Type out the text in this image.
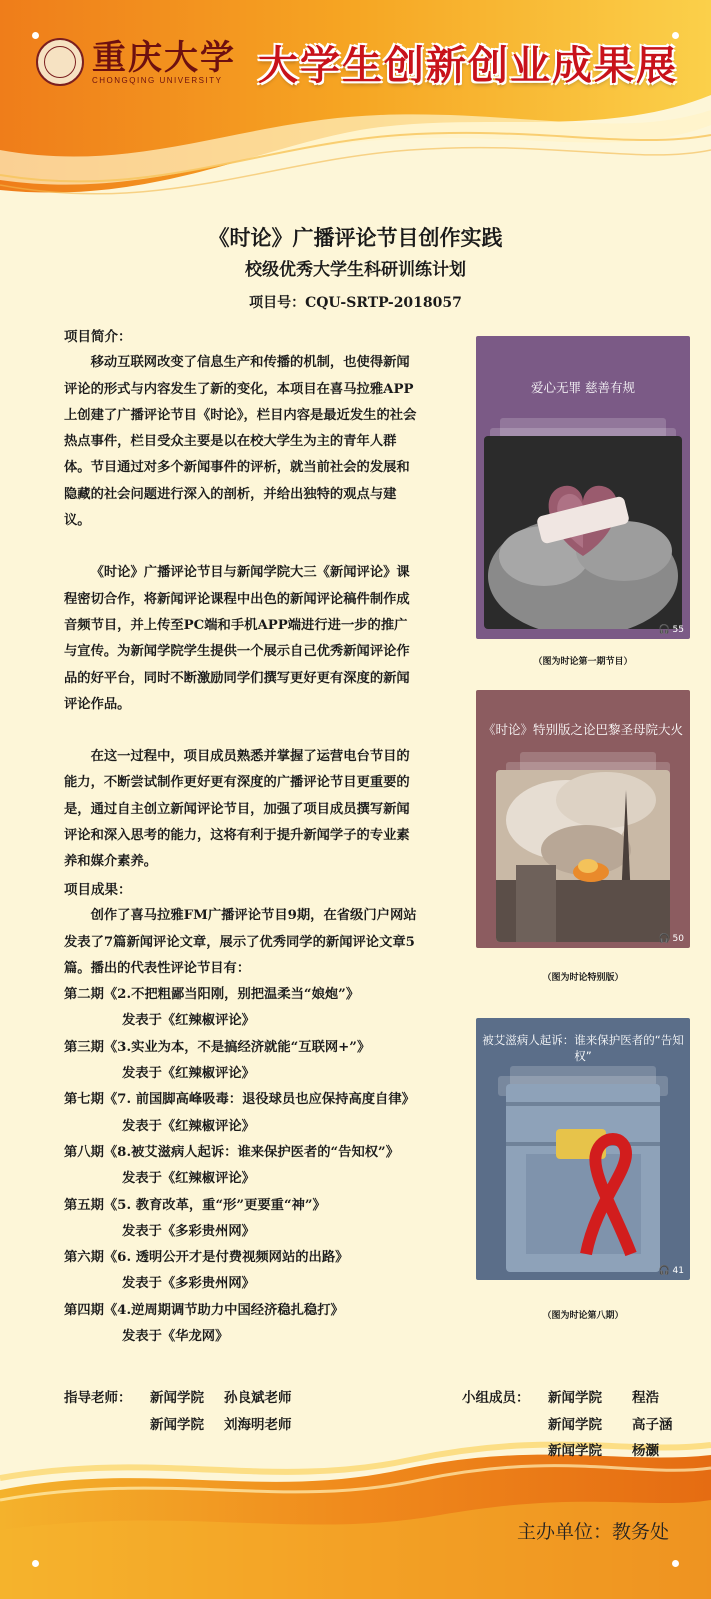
重庆大学
CHONGQING UNIVERSITY 大学生创新创业成果展
《时论》广播评论节目创作实践
校级优秀大学生科研训练计划
项目号：CQU-SRTP-2018057
项目简介：

移动互联网改变了信息生产和传播的机制，也使得新闻评论的形式与内容发生了新的变化，本项目在喜马拉雅APP上创建了广播评论节目《时论》，栏目内容是最近发生的社会热点事件，栏目受众主要是以在校大学生为主的青年人群体。节目通过对多个新闻事件的评析，就当前社会的发展和隐藏的社会问题进行深入的剖析，并给出独特的观点与建议。

《时论》广播评论节目与新闻学院大三《新闻评论》课程密切合作，将新闻评论课程中出色的新闻评论稿件制作成音频节目，并上传至PC端和手机APP端进行进一步的推广与宣传。为新闻学院学生提供一个展示自己优秀新闻评论作品的好平台，同时不断激励同学们撰写更好更有深度的新闻评论作品。

在这一过程中，项目成员熟悉并掌握了运营电台节目的能力，不断尝试制作更好更有深度的广播评论节目更重要的是，通过自主创立新闻评论节目，加强了项目成员撰写新闻评论和深入思考的能力，这将有利于提升新闻学子的专业素养和媒介素养。

项目成果：

创作了喜马拉雅FM广播评论节目9期，在省级门户网站发表了7篇新闻评论文章，展示了优秀同学的新闻评论文章5篇。播出的代表性评论节目有：

第二期《2.不把粗鄙当阳刚，别把温柔当“娘炮”》
发表于《红辣椒评论》
第三期《3.实业为本，不是搞经济就能“互联网+”》
发表于《红辣椒评论》
第七期《7. 前国脚高峰吸毒：退役球员也应保持高度自律》
发表于《红辣椒评论》
第八期《8.被艾滋病人起诉：谁来保护医者的“告知权”》
发表于《红辣椒评论》
第五期《5. 教育改革，重“形”更要重“神”》
发表于《多彩贵州网》
第六期《6. 透明公开才是付费视频网站的出路》
发表于《多彩贵州网》
第四期《4.逆周期调节助力中国经济稳扎稳打》
发表于《华龙网》
爱心无罪 慈善有规
🎧 55
（图为时论第一期节目）
《时论》特别版之论巴黎圣母院大火
🎧 50
（图为时论特别版）
被艾滋病人起诉：谁来保护医者的“告知权”
🎧 41
（图为时论第八期）
指导老师：	新闻学院	孙良斌老师
新闻学院	刘海明老师
小组成员：	新闻学院	程浩
新闻学院	高子涵
新闻学院	杨灏
主办单位：教务处
